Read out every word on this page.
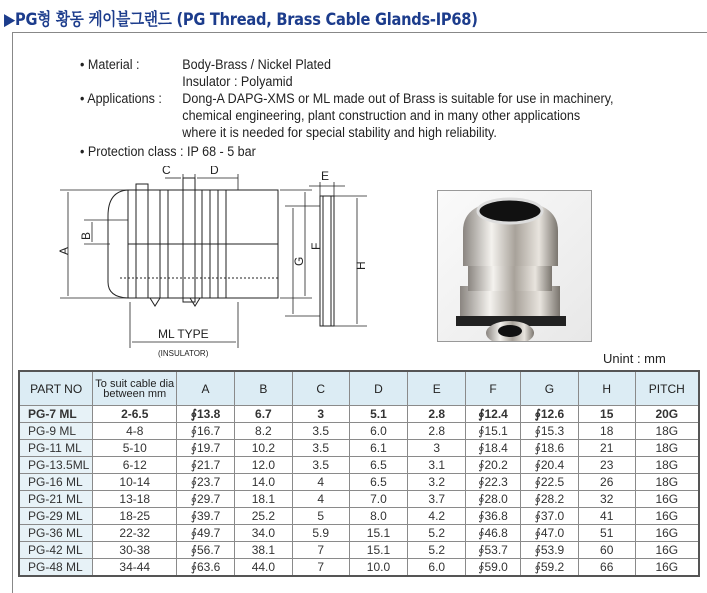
▶PG형 황동 케이블그랜드 (PG Thread, Brass Cable Glands-IP68)
• Material :	Body-Brass / Nickel Plated
Insulator : Polyamid
• Applications :	Dong-A DAPG-XMS or ML made out of Brass is suitable for use in machinery,
chemical engineering, plant construction and in many other applications
where it is needed for special stability and high reliability.
• Protection class : IP 68 - 5 bar
A
B
C	D
F
ML TYPE
(INSULATOR)
E
G	H
Unint : mm
PART NO	To suit cable dia between mm	A	B	C	D	E	F	G	H	PITCH
PG-7 ML	2-6.5	∮13.8	6.7	3	5.1	2.8	∮12.4	∮12.6	15	20G
PG-9 ML	4-8	∮16.7	8.2	3.5	6.0	2.8	∮15.1	∮15.3	18	18G
PG-11 ML	5-10	∮19.7	10.2	3.5	6.1	3	∮18.4	∮18.6	21	18G
PG-13.5ML	6-12	∮21.7	12.0	3.5	6.5	3.1	∮20.2	∮20.4	23	18G
PG-16 ML	10-14	∮23.7	14.0	4	6.5	3.2	∮22.3	∮22.5	26	18G
PG-21 ML	13-18	∮29.7	18.1	4	7.0	3.7	∮28.0	∮28.2	32	16G
PG-29 ML	18-25	∮39.7	25.2	5	8.0	4.2	∮36.8	∮37.0	41	16G
PG-36 ML	22-32	∮49.7	34.0	5.9	15.1	5.2	∮46.8	∮47.0	51	16G
PG-42 ML	30-38	∮56.7	38.1	7	15.1	5.2	∮53.7	∮53.9	60	16G
PG-48 ML	34-44	∮63.6	44.0	7	10.0	6.0	∮59.0	∮59.2	66	16G
